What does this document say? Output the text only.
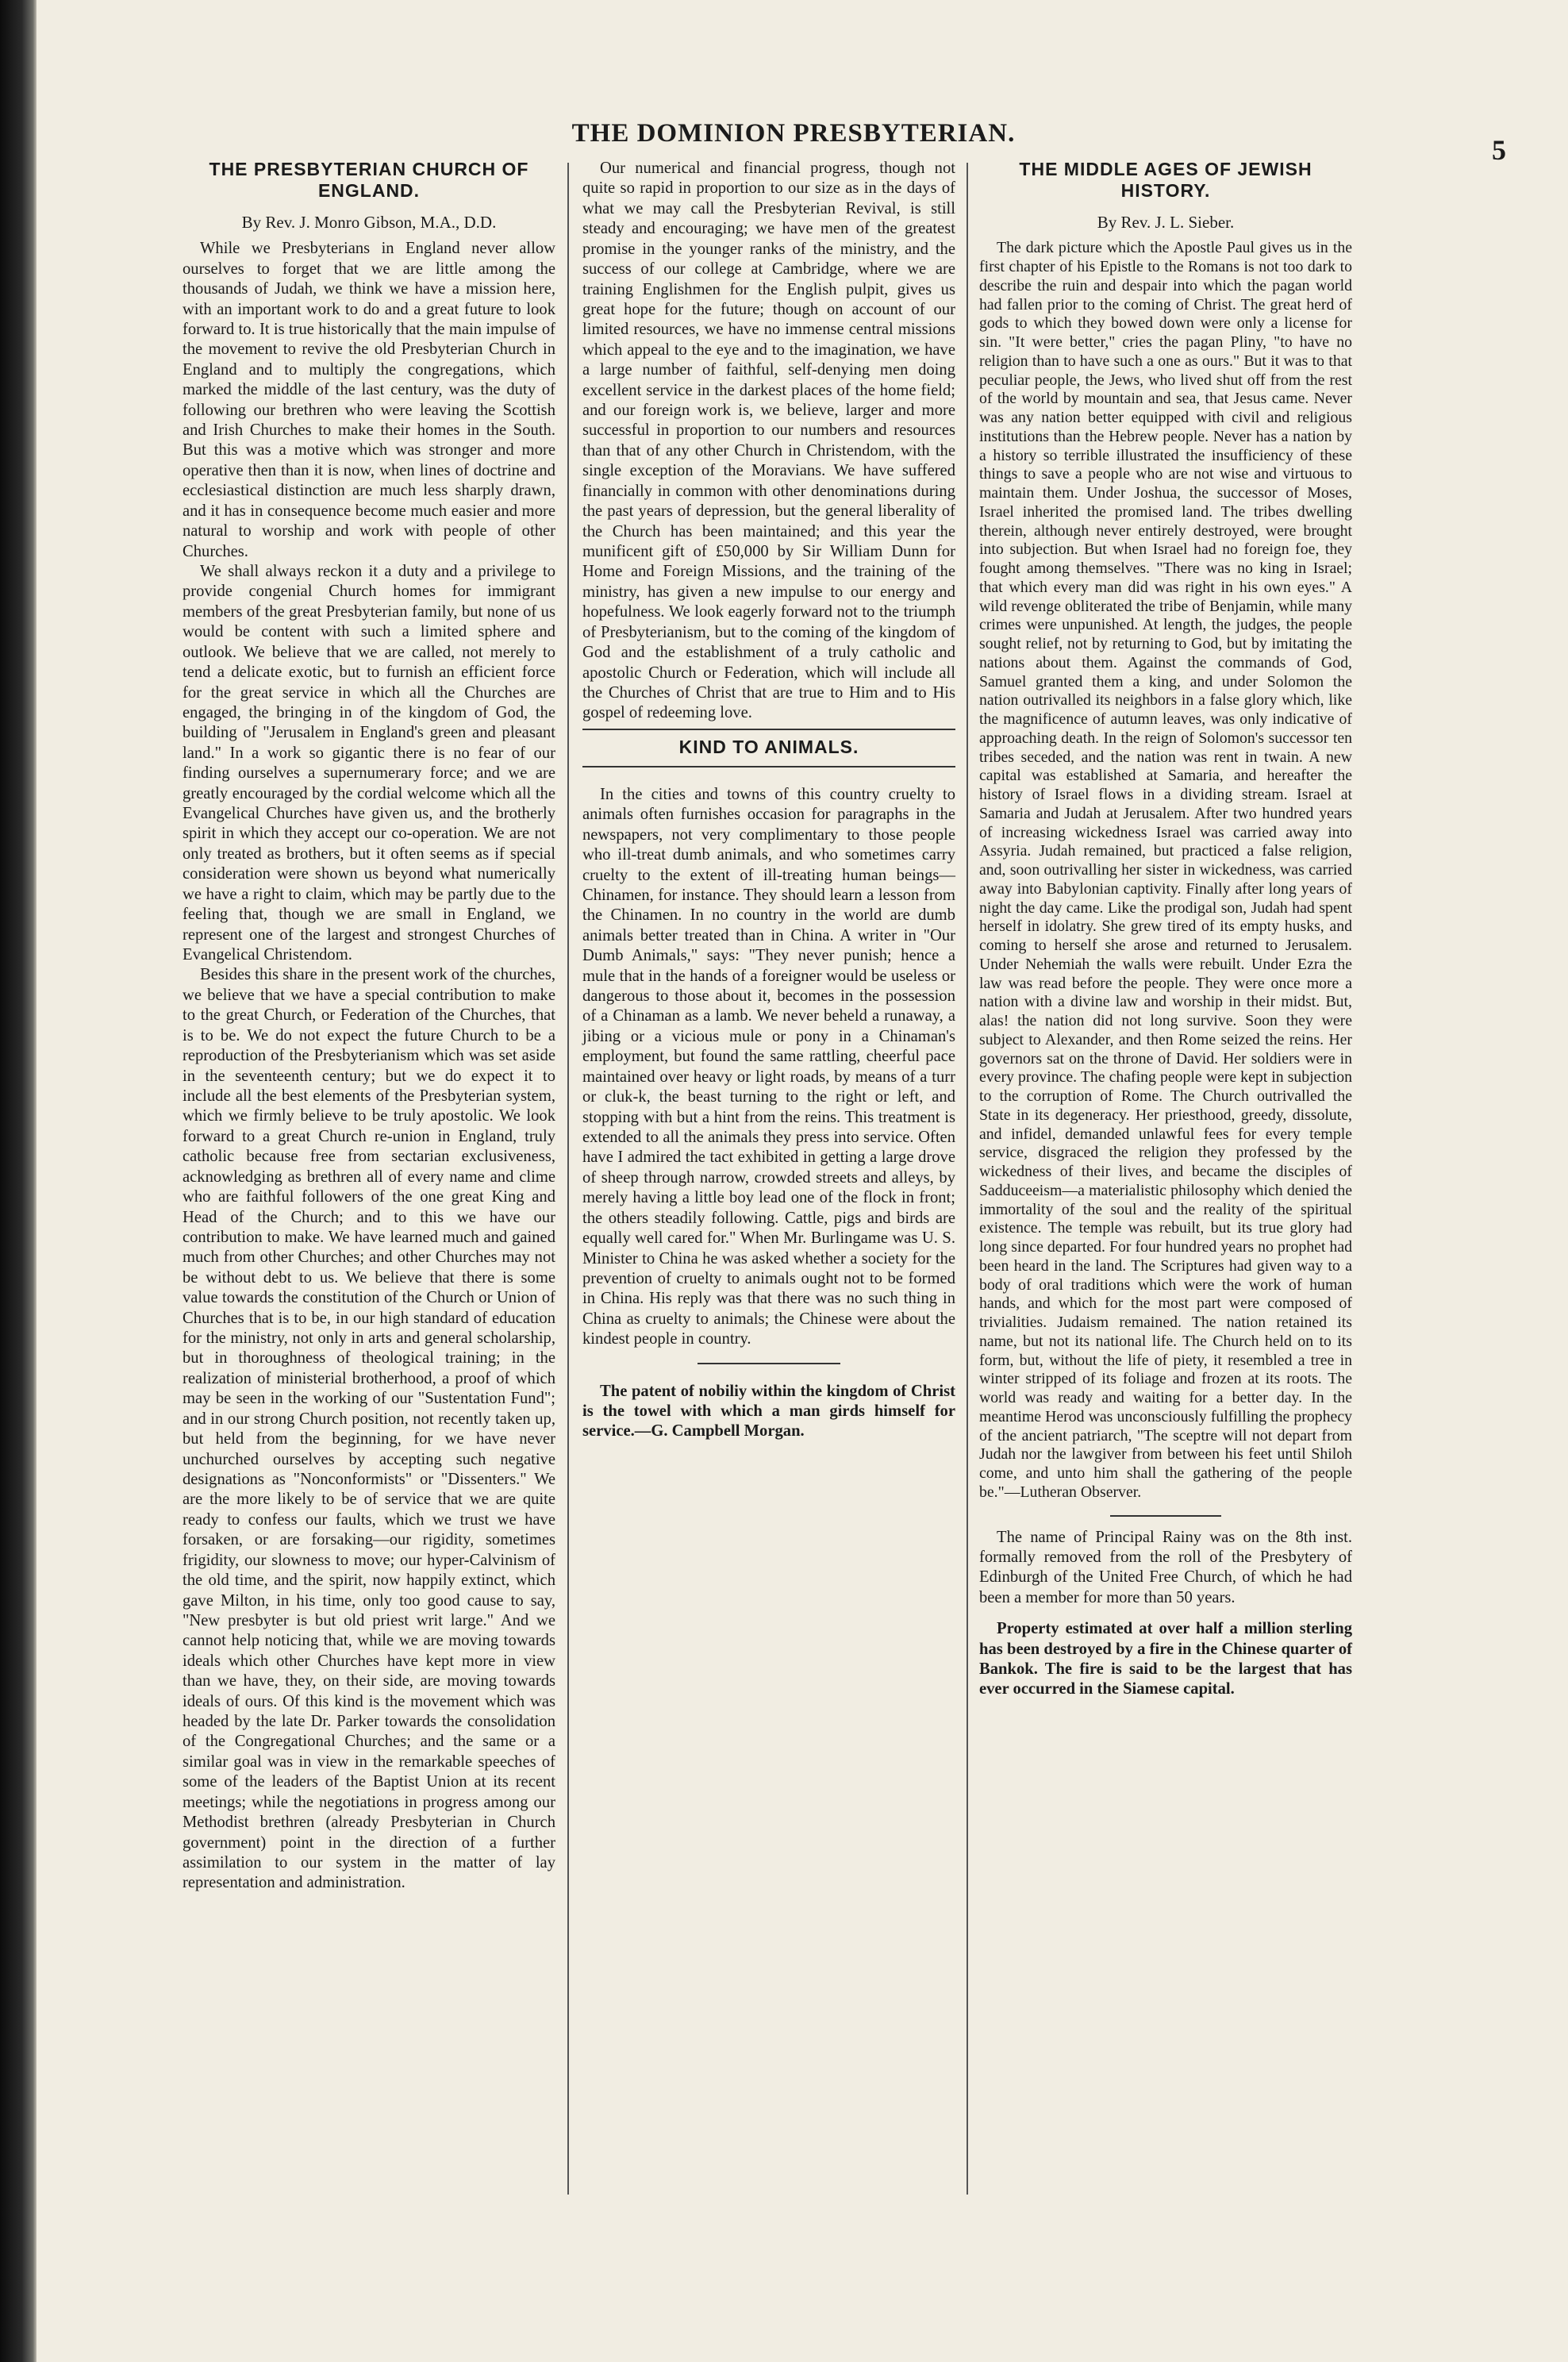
THE DOMINION PRESBYTERIAN.
5
THE PRESBYTERIAN CHURCH OF ENGLAND.
By Rev. J. Monro Gibson, M.A., D.D.

While we Presbyterians in England never allow ourselves to forget that we are little among the thousands of Judah, we think we have a mission here, with an important work to do and a great future to look forward to. It is true historically that the main impulse of the movement to revive the old Presbyterian Church in England and to multiply the congregations, which marked the middle of the last century, was the duty of following our brethren who were leaving the Scottish and Irish Churches to make their homes in the South. But this was a motive which was stronger and more operative then than it is now, when lines of doctrine and ecclesiastical distinction are much less sharply drawn, and it has in consequence become much easier and more natural to worship and work with people of other Churches.

We shall always reckon it a duty and a privilege to provide congenial Church homes for immigrant members of the great Presbyterian family, but none of us would be content with such a limited sphere and outlook. We believe that we are called, not merely to tend a delicate exotic, but to furnish an efficient force for the great service in which all the Churches are engaged, the bringing in of the kingdom of God, the building of "Jerusalem in England's green and pleasant land." In a work so gigantic there is no fear of our finding ourselves a supernumerary force; and we are greatly encouraged by the cordial welcome which all the Evangelical Churches have given us, and the brotherly spirit in which they accept our co-operation. We are not only treated as brothers, but it often seems as if special consideration were shown us beyond what numerically we have a right to claim, which may be partly due to the feeling that, though we are small in England, we represent one of the largest and strongest Churches of Evangelical Christendom.

Besides this share in the present work of the churches, we believe that we have a special contribution to make to the great Church, or Federation of the Churches, that is to be. We do not expect the future Church to be a reproduction of the Presbyterianism which was set aside in the seventeenth century; but we do expect it to include all the best elements of the Presbyterian system, which we firmly believe to be truly apostolic. We look forward to a great Church re-union in England, truly catholic because free from sectarian exclusiveness, acknowledging as brethren all of every name and clime who are faithful followers of the one great King and Head of the Church; and to this we have our contribution to make. We have learned much and gained much from other Churches; and other Churches may not be without debt to us. We believe that there is some value towards the constitution of the Church or Union of Churches that is to be, in our high standard of education for the ministry, not only in arts and general scholarship, but in thoroughness of theological training; in the realization of ministerial brotherhood, a proof of which may be seen in the working of our "Sustentation Fund"; and in our strong Church position, not recently taken up, but held from the beginning, for we have never unchurched ourselves by accepting such negative designations as "Nonconformists" or "Dissenters." We are the more likely to be of service that we are quite ready to confess our faults, which we trust we have forsaken, or are forsaking—our rigidity, sometimes frigidity, our slowness to move; our hyper-Calvinism of the old time, and the spirit, now happily extinct, which gave Milton, in his time, only too good cause to say, "New presbyter is but old priest writ large." And we cannot help noticing that, while we are moving towards ideals which other Churches have kept more in view than we have, they, on their side, are moving towards ideals of ours. Of this kind is the movement which was headed by the late Dr. Parker towards the consolidation of the Congregational Churches; and the same or a similar goal was in view in the remarkable speeches of some of the leaders of the Baptist Union at its recent meetings; while the negotiations in progress among our Methodist brethren (already Presbyterian in Church government) point in the direction of a further assimilation to our system in the matter of lay representation and administration.

Our numerical and financial progress, though not quite so rapid in proportion to our size as in the days of what we may call the Presbyterian Revival, is still steady and encouraging; we have men of the greatest promise in the younger ranks of the ministry, and the success of our college at Cambridge, where we are training Englishmen for the English pulpit, gives us great hope for the future; though on account of our limited resources, we have no immense central missions which appeal to the eye and to the imagination, we have a large number of faithful, self-denying men doing excellent service in the darkest places of the home field; and our foreign work is, we believe, larger and more successful in proportion to our numbers and resources than that of any other Church in Christendom, with the single exception of the Moravians. We have suffered financially in common with other denominations during the past years of depression, but the general liberality of the Church has been maintained; and this year the munificent gift of £50,000 by Sir William Dunn for Home and Foreign Missions, and the training of the ministry, has given a new impulse to our energy and hopefulness. We look eagerly forward not to the triumph of Presbyterianism, but to the coming of the kingdom of God and the establishment of a truly catholic and apostolic Church or Federation, which will include all the Churches of Christ that are true to Him and to His gospel of redeeming love.

KIND TO ANIMALS.

In the cities and towns of this country cruelty to animals often furnishes occasion for paragraphs in the newspapers, not very complimentary to those people who ill-treat dumb animals, and who sometimes carry cruelty to the extent of ill-treating human beings—Chinamen, for instance. They should learn a lesson from the Chinamen. In no country in the world are dumb animals better treated than in China. A writer in "Our Dumb Animals," says: "They never punish; hence a mule that in the hands of a foreigner would be useless or dangerous to those about it, becomes in the possession of a Chinaman as a lamb. We never beheld a runaway, a jibing or a vicious mule or pony in a Chinaman's employment, but found the same rattling, cheerful pace maintained over heavy or light roads, by means of a turr or cluk-k, the beast turning to the right or left, and stopping with but a hint from the reins. This treatment is extended to all the animals they press into service. Often have I admired the tact exhibited in getting a large drove of sheep through narrow, crowded streets and alleys, by merely having a little boy lead one of the flock in front; the others steadily following. Cattle, pigs and birds are equally well cared for." When Mr. Burlingame was U. S. Minister to China he was asked whether a society for the prevention of cruelty to animals ought not to be formed in China. His reply was that there was no such thing in China as cruelty to animals; the Chinese were about the kindest people in country.

The patent of nobiliy within the kingdom of Christ is the towel with which a man girds himself for service.—G. Campbell Morgan.

THE MIDDLE AGES OF JEWISH HISTORY.
By Rev. J. L. Sieber.

The dark picture which the Apostle Paul gives us in the first chapter of his Epistle to the Romans is not too dark to describe the ruin and despair into which the pagan world had fallen prior to the coming of Christ. The great herd of gods to which they bowed down were only a license for sin. "It were better," cries the pagan Pliny, "to have no religion than to have such a one as ours." But it was to that peculiar people, the Jews, who lived shut off from the rest of the world by mountain and sea, that Jesus came. Never was any nation better equipped with civil and religious institutions than the Hebrew people. Never has a nation by a history so terrible illustrated the insufficiency of these things to save a people who are not wise and virtuous to maintain them. Under Joshua, the successor of Moses, Israel inherited the promised land. The tribes dwelling therein, although never entirely destroyed, were brought into subjection. But when Israel had no foreign foe, they fought among themselves. "There was no king in Israel; that which every man did was right in his own eyes." A wild revenge obliterated the tribe of Benjamin, while many crimes were unpunished. At length, the judges, the people sought relief, not by returning to God, but by imitating the nations about them. Against the commands of God, Samuel granted them a king, and under Solomon the nation outrivalled its neighbors in a false glory which, like the magnificence of autumn leaves, was only indicative of approaching death. In the reign of Solomon's successor ten tribes seceded, and the nation was rent in twain. A new capital was established at Samaria, and hereafter the history of Israel flows in a dividing stream. Israel at Samaria and Judah at Jerusalem. After two hundred years of increasing wickedness Israel was carried away into Assyria. Judah remained, but practiced a false religion, and, soon outrivalling her sister in wickedness, was carried away into Babylonian captivity. Finally after long years of night the day came. Like the prodigal son, Judah had spent herself in idolatry. She grew tired of its empty husks, and coming to herself she arose and returned to Jerusalem. Under Nehemiah the walls were rebuilt. Under Ezra the law was read before the people. They were once more a nation with a divine law and worship in their midst. But, alas! the nation did not long survive. Soon they were subject to Alexander, and then Rome seized the reins. Her governors sat on the throne of David. Her soldiers were in every province. The chafing people were kept in subjection to the corruption of Rome. The Church outrivalled the State in its degeneracy. Her priesthood, greedy, dissolute, and infidel, demanded unlawful fees for every temple service, disgraced the religion they professed by the wickedness of their lives, and became the disciples of Sadduceeism—a materialistic philosophy which denied the immortality of the soul and the reality of the spiritual existence. The temple was rebuilt, but its true glory had long since departed. For four hundred years no prophet had been heard in the land. The Scriptures had given way to a body of oral traditions which were the work of human hands, and which for the most part were composed of trivialities. Judaism remained. The nation retained its name, but not its national life. The Church held on to its form, but, without the life of piety, it resembled a tree in winter stripped of its foliage and frozen at its roots. The world was ready and waiting for a better day. In the meantime Herod was unconsciously fulfilling the prophecy of the ancient patriarch, "The sceptre will not depart from Judah nor the lawgiver from between his feet until Shiloh come, and unto him shall the gathering of the people be."—Lutheran Observer.

The name of Principal Rainy was on the 8th inst. formally removed from the roll of the Presbytery of Edinburgh of the United Free Church, of which he had been a member for more than 50 years.

Property estimated at over half a million sterling has been destroyed by a fire in the Chinese quarter of Bankok. The fire is said to be the largest that has ever occurred in the Siamese capital.
